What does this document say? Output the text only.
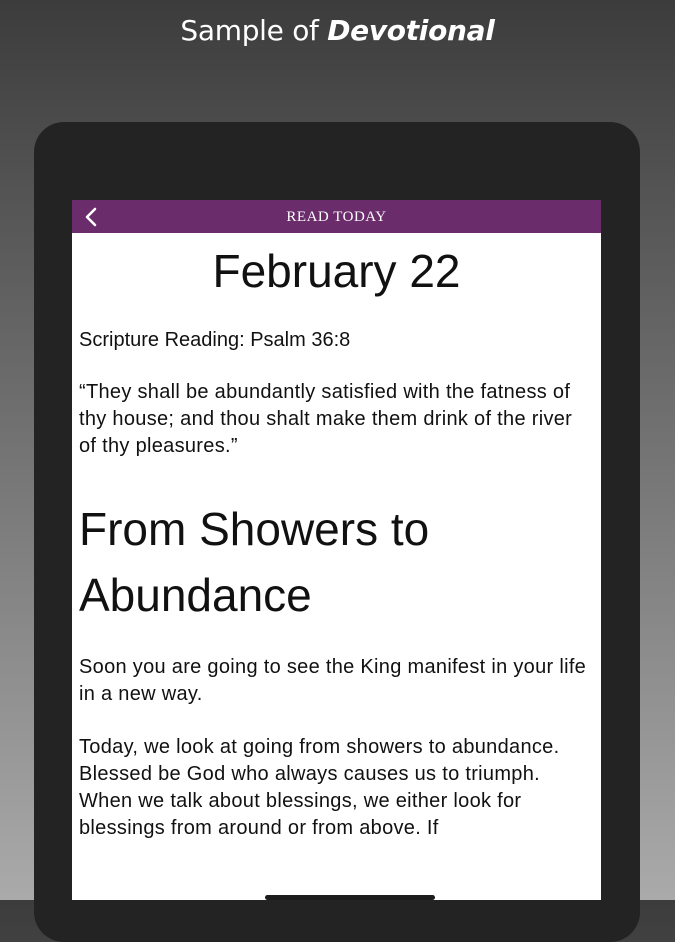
Sample of Devotional
READ TODAY
February 22
Scripture Reading: Psalm 36:8
“They shall be abundantly satisfied with the fatness of thy house; and thou shalt make them drink of the river of thy pleasures.”
From Showers to Abundance
Soon you are going to see the King manifest in your life in a new way.
Today, we look at going from showers to abundance. Blessed be God who always causes us to triumph. When we talk about blessings, we either look for blessings from around or from above. If
